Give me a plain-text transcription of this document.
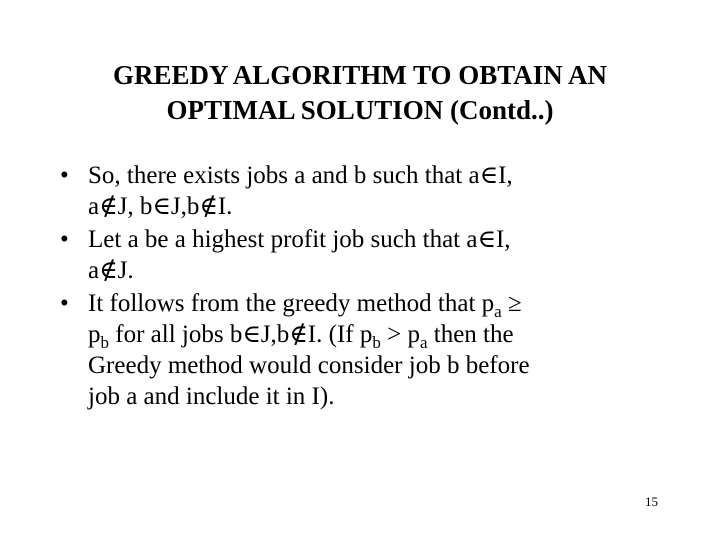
GREEDY ALGORITHM TO OBTAIN AN
OPTIMAL SOLUTION (Contd..)
• So, there exists jobs a and b such that a∈I,
a∉J, b∈J,b∉I.
• Let a be a highest profit job such that a∈I,
a∉J.
• It follows from the greedy method that $p_a$ ≥
$p_b$ for all jobs b∈J,b∉I. (If $p_b > p_a$ then the
Greedy method would consider job b before
job a and include it in I).
15
